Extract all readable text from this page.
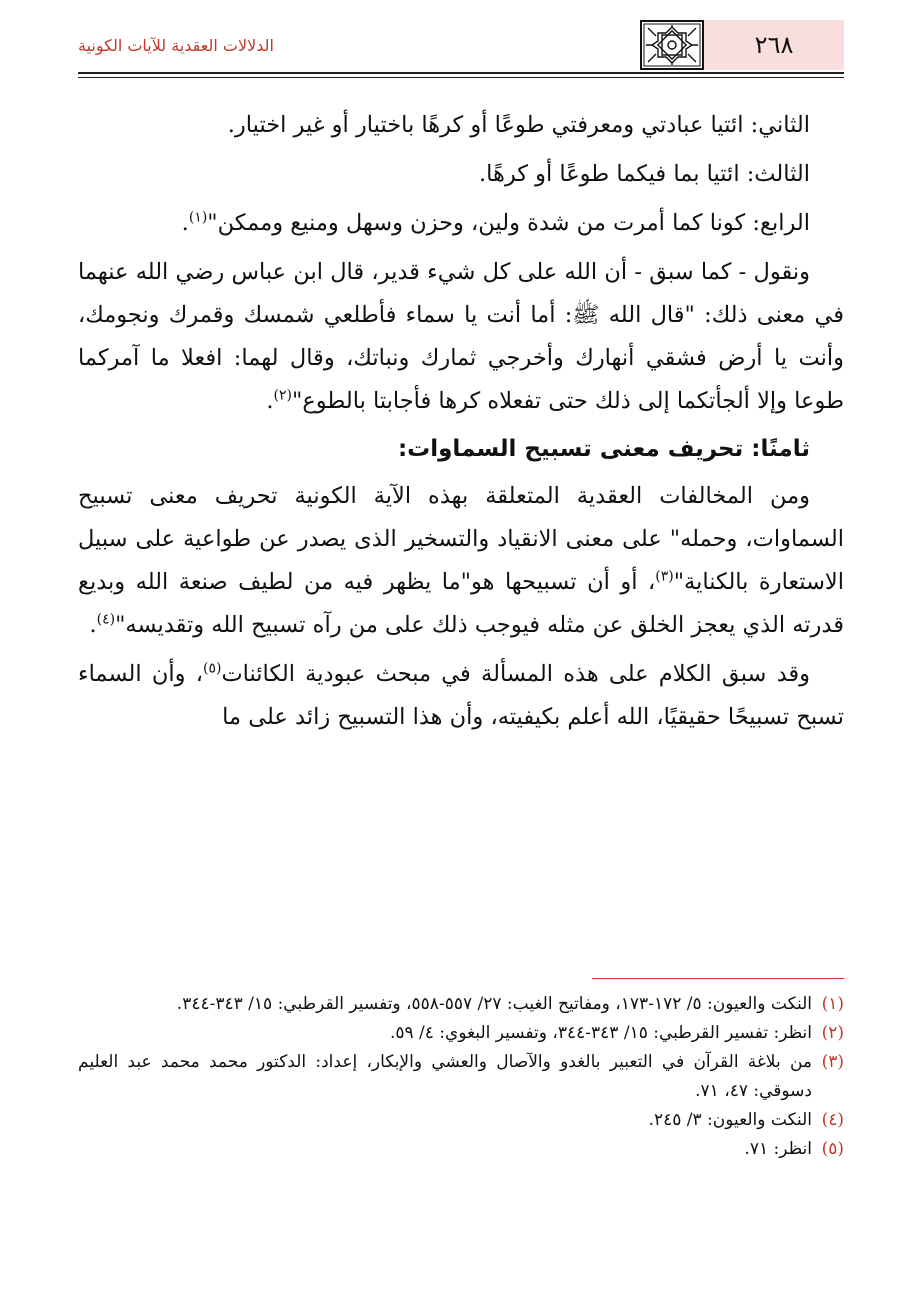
٢٦٨
الدلالات العقدية للآيات الكونية

الثاني: ائتيا عبادتي ومعرفتي طوعًا أو كرهًا باختيار أو غير اختيار.

الثالث: ائتيا بما فيكما طوعًا أو كرهًا.

الرابع: كونا كما أمرت من شدة ولين، وحزن وسهل ومنيع وممكن"$^{(١)}$.

ونقول - كما سبق - أن الله على كل شيء قدير، قال ابن عباس رضي الله عنهما في معنى ذلك: "قال الله ﷺ: أما أنت يا سماء فأطلعي شمسك وقمرك ونجومك، وأنت يا أرض فشقي أنهارك وأخرجي ثمارك ونباتك، وقال لهما: افعلا ما آمركما طوعا وإلا ألجأتكما إلى ذلك حتى تفعلاه كرها فأجابتا بالطوع"$^{(٢)}$.

ثامنًا: تحريف معنى تسبيح السماوات:

ومن المخالفات العقدية المتعلقة بهذه الآية الكونية تحريف معنى تسبيح السماوات، وحمله" على معنى الانقياد والتسخير الذى يصدر عن طواعية على سبيل الاستعارة بالكناية"$^{(٣)}$، أو أن تسبيحها هو"ما يظهر فيه من لطيف صنعة الله وبديع قدرته الذي يعجز الخلق عن مثله فيوجب ذلك على من رآه تسبيح الله وتقديسه"$^{(٤)}$.

وقد سبق الكلام على هذه المسألة في مبحث عبودية الكائنات$^{(٥)}$، وأن السماء تسبح تسبيحًا حقيقيًا، الله أعلم بكيفيته، وأن هذا التسبيح زائد على ما

(١)
النكت والعيون: ٥/ ١٧٢-١٧٣، ومفاتيح الغيب: ٢٧/ ٥٥٧-٥٥٨، وتفسير القرطبي: ١٥/ ٣٤٣-٣٤٤.

(٢)
انظر: تفسير القرطبي: ١٥/ ٣٤٣-٣٤٤، وتفسير البغوي: ٤/ ٥٩.

(٣)
من بلاغة القرآن في التعبير بالغدو والآصال والعشي والإبكار، إعداد: الدكتور محمد محمد عبد العليم دسوقي: ٤٧، ٧١.

(٤)
النكت والعيون: ٣/ ٢٤٥.

(٥)
انظر: ٧١.
